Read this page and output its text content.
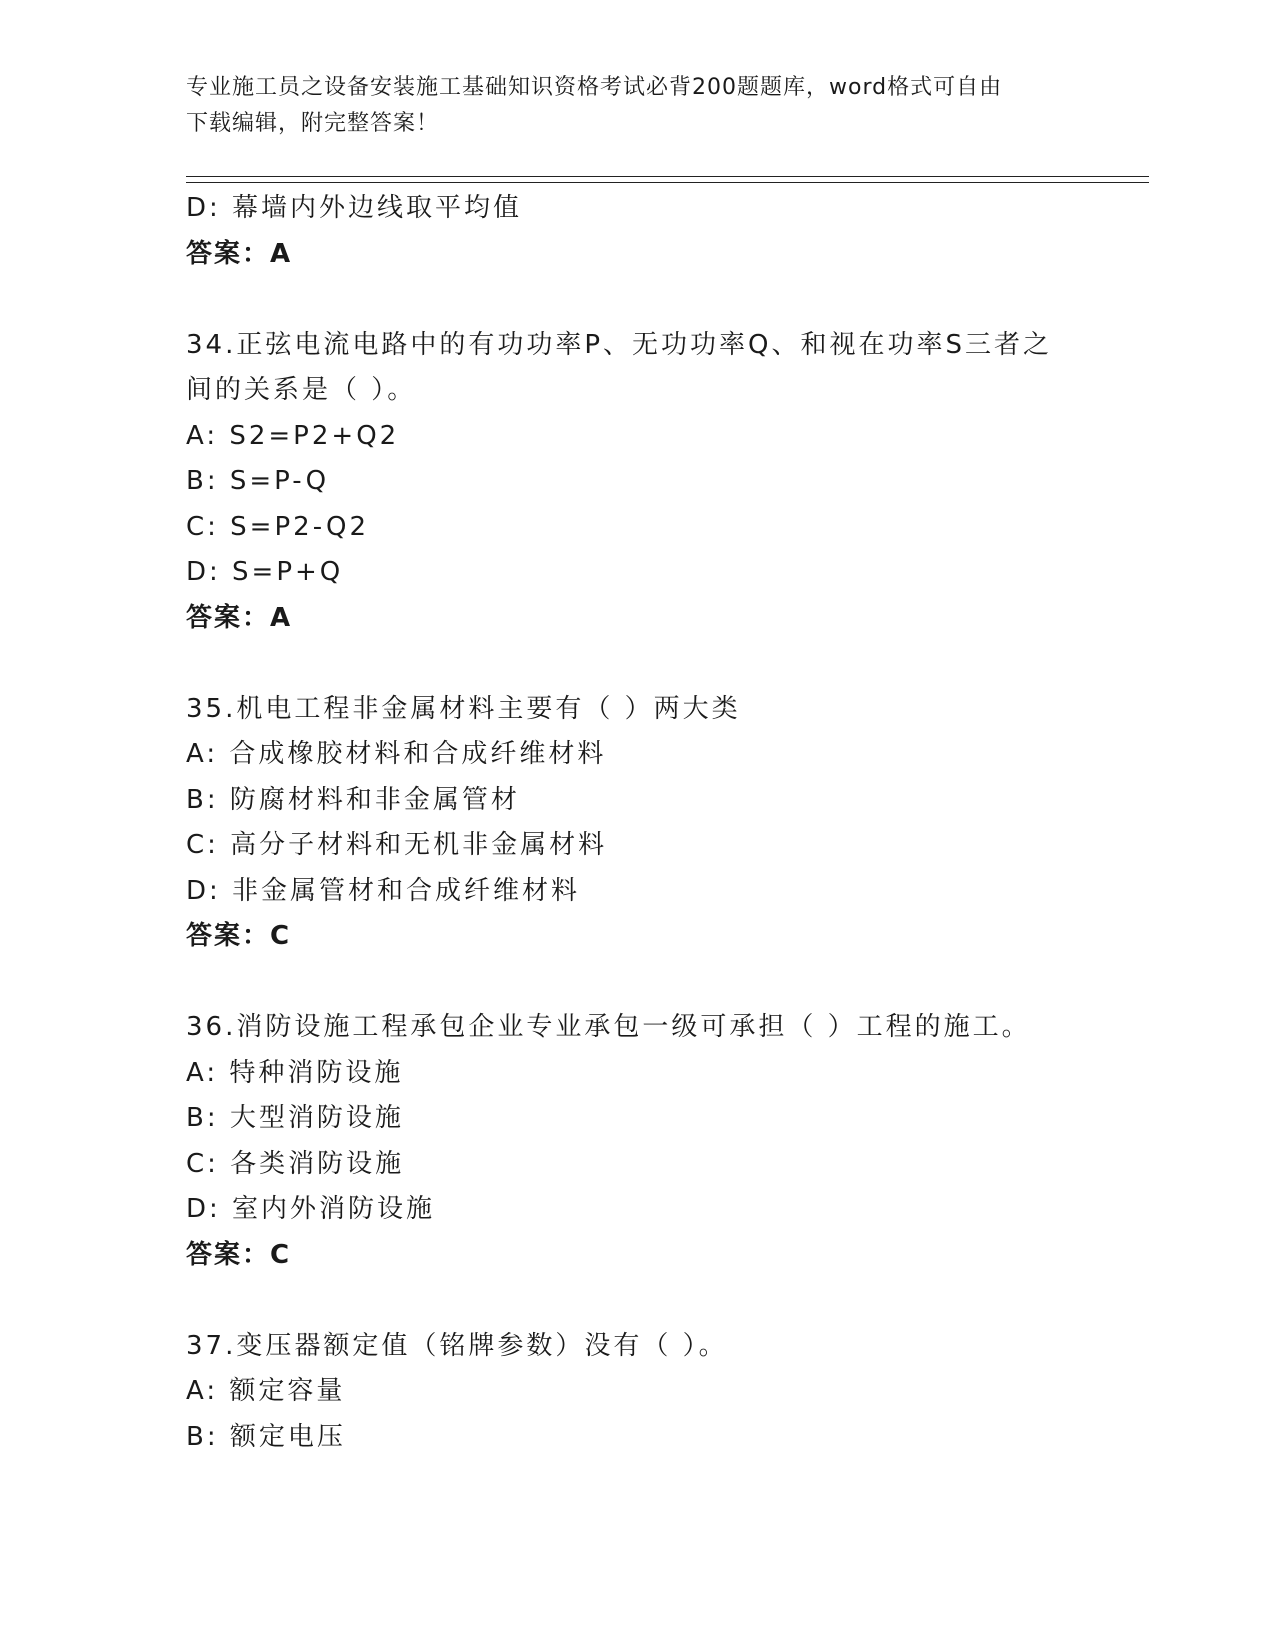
专业施工员之设备安装施工基础知识资格考试必背200题题库，word格式可自由
下载编辑，附完整答案！
D: 幕墙内外边线取平均值
答案：A
34.正弦电流电路中的有功功率P、无功功率Q、和视在功率S三者之
间的关系是（ ）。
A: S2=P2+Q2
B: S=P-Q
C: S=P2-Q2
D: S=P+Q
答案：A
35.机电工程非金属材料主要有（ ）两大类
A: 合成橡胶材料和合成纤维材料
B: 防腐材料和非金属管材
C: 高分子材料和无机非金属材料
D: 非金属管材和合成纤维材料
答案：C
36.消防设施工程承包企业专业承包一级可承担（ ）工程的施工。
A: 特种消防设施
B: 大型消防设施
C: 各类消防设施
D: 室内外消防设施
答案：C
37.变压器额定值（铭牌参数）没有（ ）。
A: 额定容量
B: 额定电压
